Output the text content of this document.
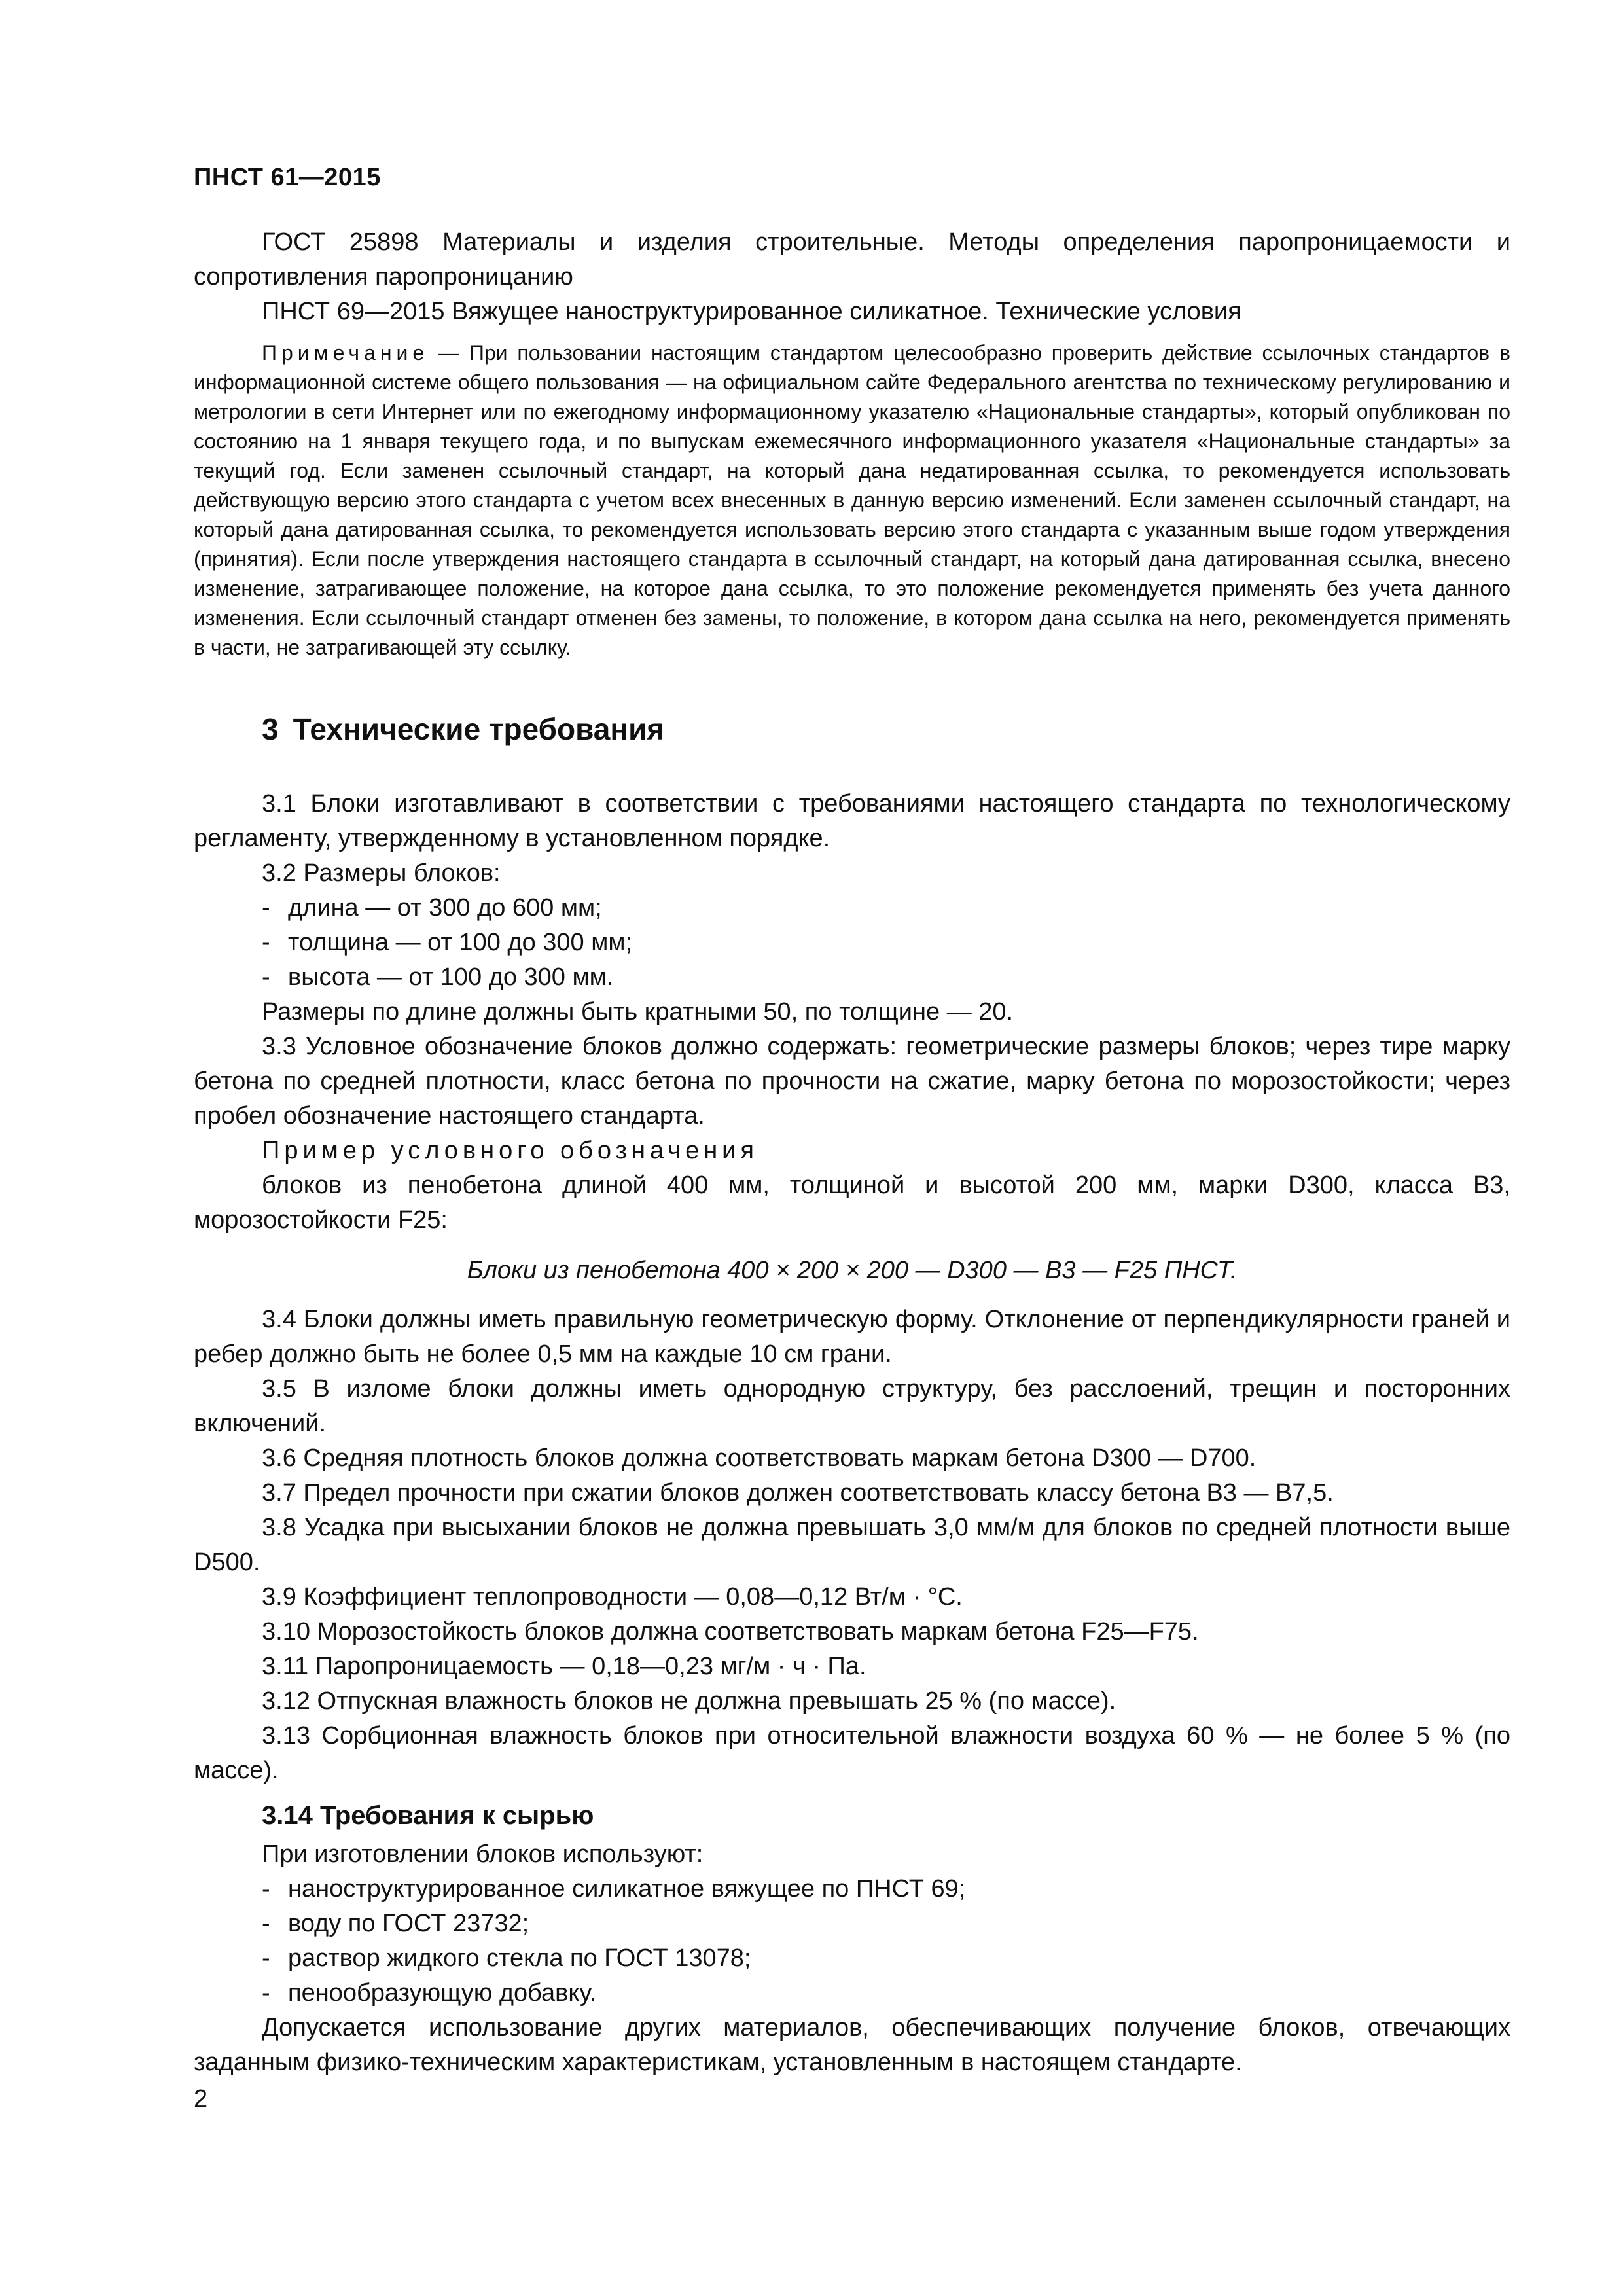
ПНСТ 61—2015

ГОСТ 25898 Материалы и изделия строительные. Методы определения паропроницаемости и сопротивления паропроницанию

ПНСТ 69—2015 Вяжущее наноструктурированное силикатное. Технические условия

Примечание — При пользовании настоящим стандартом целесообразно проверить действие ссылочных стандартов в информационной системе общего пользования — на официальном сайте Федерального агентства по техническому регулированию и метрологии в сети Интернет или по ежегодному информационному указателю «Национальные стандарты», который опубликован по состоянию на 1 января текущего года, и по выпускам ежемесячного информационного указателя «Национальные стандарты» за текущий год. Если заменен ссылочный стандарт, на который дана недатированная ссылка, то рекомендуется использовать действующую версию этого стандарта с учетом всех внесенных в данную версию изменений. Если заменен ссылочный стандарт, на который дана датированная ссылка, то рекомендуется использовать версию этого стандарта с указанным выше годом утверждения (принятия). Если после утверждения настоящего стандарта в ссылочный стандарт, на который дана датированная ссылка, внесено изменение, затрагивающее положение, на которое дана ссылка, то это положение рекомендуется применять без учета данного изменения. Если ссылочный стандарт отменен без замены, то положение, в котором дана ссылка на него, рекомендуется применять в части, не затрагивающей эту ссылку.
3 Технические требования

3.1 Блоки изготавливают в соответствии с требованиями настоящего стандарта по технологическому регламенту, утвержденному в установленном порядке.

3.2 Размеры блоков:

- длина — от 300 до 600 мм;

- толщина — от 100 до 300 мм;

- высота — от 100 до 300 мм.

Размеры по длине должны быть кратными 50, по толщине — 20.

3.3 Условное обозначение блоков должно содержать: геометрические размеры блоков; через тире марку бетона по средней плотности, класс бетона по прочности на сжатие, марку бетона по морозостойкости; через пробел обозначение настоящего стандарта.

Пример условного обозначения

блоков из пенобетона длиной 400 мм, толщиной и высотой 200 мм, марки D300, класса В3, морозостойкости F25:

Блоки из пенобетона 400 × 200 × 200 — D300 — В3 — F25 ПНСТ.

3.4 Блоки должны иметь правильную геометрическую форму. Отклонение от перпендикулярности граней и ребер должно быть не более 0,5 мм на каждые 10 см грани.

3.5 В изломе блоки должны иметь однородную структуру, без расслоений, трещин и посторонних включений.

3.6 Средняя плотность блоков должна соответствовать маркам бетона D300 — D700.

3.7 Предел прочности при сжатии блоков должен соответствовать классу бетона В3 — В7,5.

3.8 Усадка при высыхании блоков не должна превышать 3,0 мм/м для блоков по средней плотности выше D500.

3.9 Коэффициент теплопроводности — 0,08—0,12 Вт/м · °С.

3.10 Морозостойкость блоков должна соответствовать маркам бетона F25—F75.

3.11 Паропроницаемость — 0,18—0,23 мг/м · ч · Па.

3.12 Отпускная влажность блоков не должна превышать 25 % (по массе).

3.13 Сорбционная влажность блоков при относительной влажности воздуха 60 % — не более 5 % (по массе).

3.14 Требования к сырью

При изготовлении блоков используют:

- наноструктурированное силикатное вяжущее по ПНСТ 69;

- воду по ГОСТ 23732;

- раствор жидкого стекла по ГОСТ 13078;

- пенообразующую добавку.

Допускается использование других материалов, обеспечивающих получение блоков, отвечающих заданным физико-техническим характеристикам, установленным в настоящем стандарте.

2
